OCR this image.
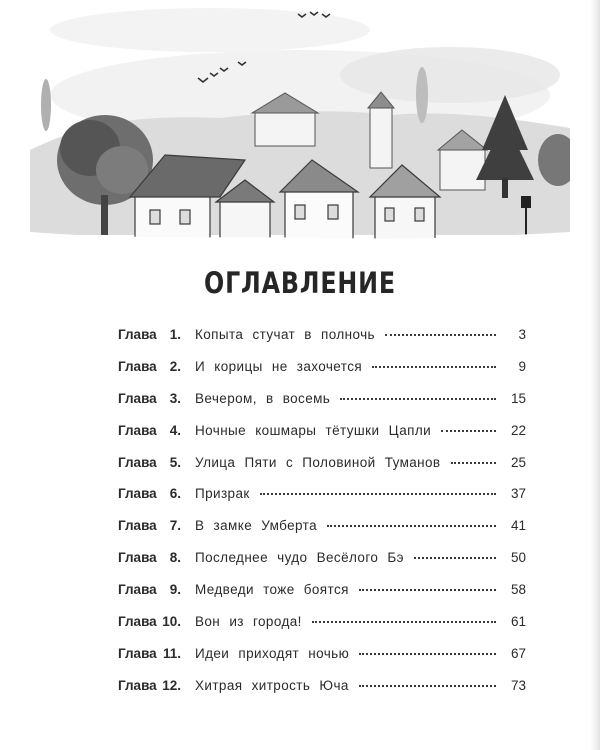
ОГЛАВЛЕНИЕ
Глава 1. Копыта стучат в полночь	3
Глава 2. И корицы не захочется	9
Глава 3. Вечером, в восемь	15
Глава 4. Ночные кошмары тётушки Цапли	22
Глава 5. Улица Пяти с Половиной Туманов	25
Глава 6. Призрак	37
Глава 7. В замке Умберта	41
Глава 8. Последнее чудо Весёлого Бэ	50
Глава 9. Медведи тоже боятся	58
Глава 10. Вон из города!	61
Глава 11. Идеи приходят ночью	67
Глава 12. Хитрая хитрость Юча	73
